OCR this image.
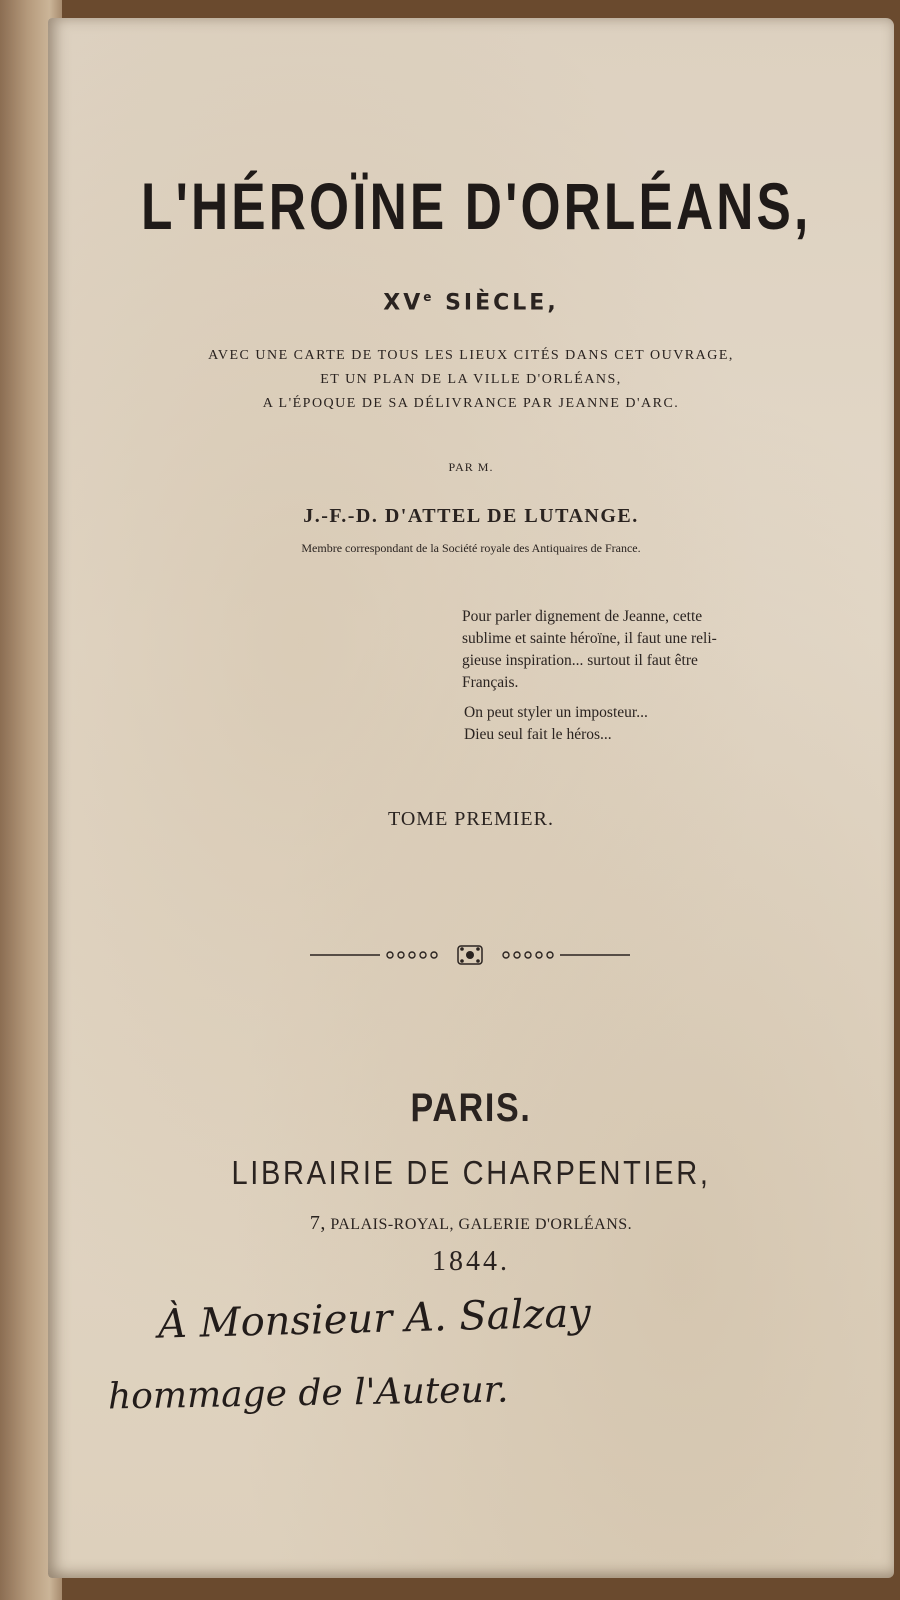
L'HÉROÏNE D'ORLÉANS,
XVe SIÈCLE,
AVEC UNE CARTE DE TOUS LES LIEUX CITÉS DANS CET OUVRAGE,
ET UN PLAN DE LA VILLE D'ORLÉANS,
A L'ÉPOQUE DE SA DÉLIVRANCE PAR JEANNE D'ARC.
PAR M.
J.-F.-D. D'ATTEL DE LUTANGE.
Membre correspondant de la Société royale des Antiquaires de France.
Pour parler dignement de Jeanne, cette
sublime et sainte héroïne, il faut une reli-
gieuse inspiration... surtout il faut être
Français.
On peut styler un imposteur...
Dieu seul fait le héros...
TOME PREMIER.
PARIS.
LIBRAIRIE DE CHARPENTIER,
7, PALAIS-ROYAL, GALERIE D'ORLÉANS.
1844.
À Monsieur A. Salzay
hommage de l'Auteur.
